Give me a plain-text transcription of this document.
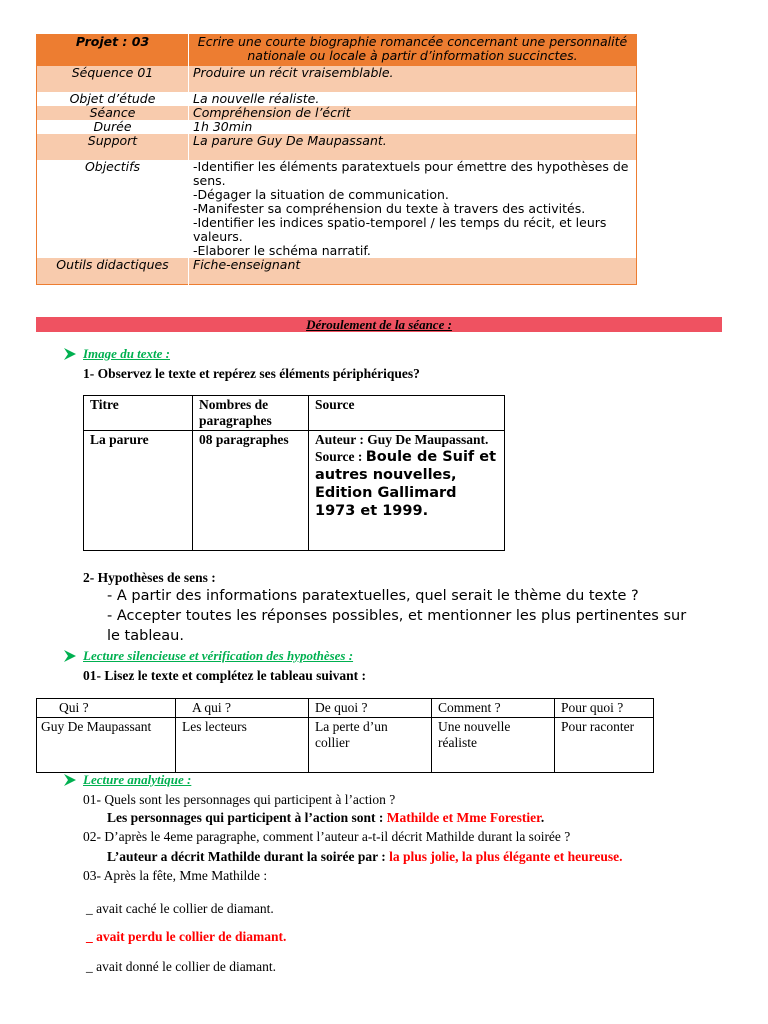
Projet : 03	Ecrire une courte biographie romancée concernant une personnalité nationale ou locale à partir d’information succinctes.
Séquence 01	Produire un récit vraisemblable.
Objet d’étude	La nouvelle réaliste.
Séance	Compréhension de l’écrit
Durée	1h 30min
Support	La parure Guy De Maupassant.
Objectifs	-Identifier les éléments paratextuels pour émettre des hypothèses de sens.
-Dégager la situation de communication.
-Manifester sa compréhension du texte à travers des activités.
-Identifier les indices spatio-temporel / les temps du récit, et leurs valeurs.
-Elaborer le schéma narratif.

Outils didactiques	Fiche-enseignant
Déroulement de la séance :
Image du texte :
1- Observez le texte et repérez ses éléments périphériques?
Titre	Nombres de paragraphes	Source
La parure	08 paragraphes	Auteur : Guy De Maupassant.
Source : Boule de Suif et autres nouvelles, Edition Gallimard 1973 et 1999.
2- Hypothèses de sens :
- A partir des informations paratextuelles, quel serait le thème du texte ?
- Accepter toutes les réponses possibles, et mentionner les plus pertinentes sur
le tableau.
Lecture silencieuse et vérification des hypothèses :
01- Lisez le texte et complétez le tableau suivant :
Qui ?	A qui ?	De quoi ?	Comment ?	Pour quoi ?
Guy De Maupassant	Les lecteurs	La perte d’un collier	Une nouvelle réaliste	Pour raconter
Lecture analytique :
01- Quels sont les personnages qui participent à l’action ?
Les personnages qui participent à l’action sont : Mathilde et Mme Forestier.
02- D’après le 4eme paragraphe, comment l’auteur a-t-il décrit Mathilde durant la soirée ?
L’auteur a décrit Mathilde durant la soirée par : la plus jolie, la plus élégante et heureuse.
03- Après la fête, Mme Mathilde :
_ avait caché le collier de diamant.
_ avait perdu le collier de diamant.
_ avait donné le collier de diamant.
